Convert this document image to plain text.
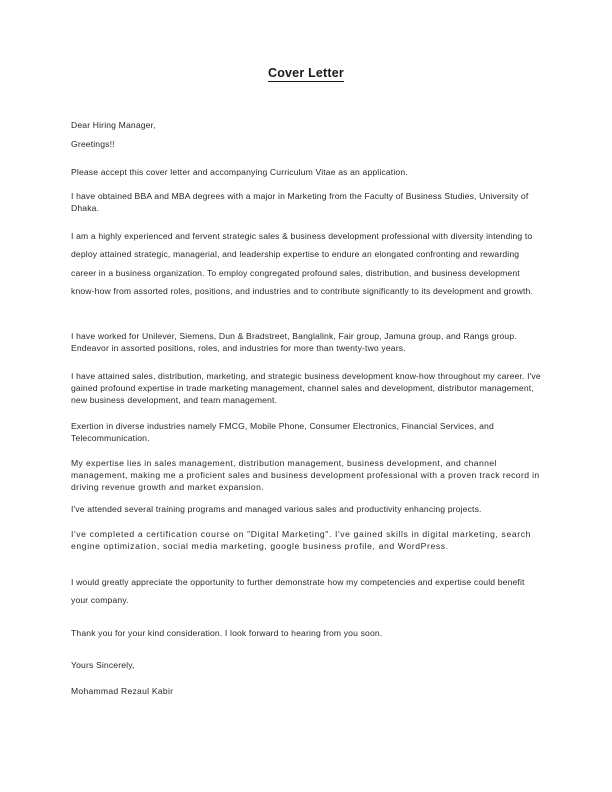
Cover Letter

Dear Hiring Manager,

Greetings!!

Please accept this cover letter and accompanying Curriculum Vitae as an application.

I have obtained BBA and MBA degrees with a major in Marketing from the Faculty of Business Studies, University of Dhaka.

I am a highly experienced and fervent strategic sales & business development professional with diversity intending to deploy attained strategic, managerial, and leadership expertise to endure an elongated confronting and rewarding career in a business organization. To employ congregated profound sales, distribution, and business development know-how from assorted roles, positions, and industries and to contribute significantly to its development and growth.

I have worked for Unilever, Siemens, Dun & Bradstreet, Banglalink, Fair group, Jamuna group, and Rangs group. Endeavor in assorted positions, roles, and industries for more than twenty-two years.

I have attained sales, distribution, marketing, and strategic business development know-how throughout my career. I've gained profound expertise in trade marketing management, channel sales and development, distributor management, new business development, and team management.

Exertion in diverse industries namely FMCG, Mobile Phone, Consumer Electronics, Financial Services, and Telecommunication.

My expertise lies in sales management, distribution management, business development, and channel management, making me a proficient sales and business development professional with a proven track record in driving revenue growth and market expansion.

I've attended several training programs and managed various sales and productivity enhancing projects.

I've completed a certification course on "Digital Marketing". I've gained skills in digital marketing, search engine optimization, social media marketing, google business profile, and WordPress.

I would greatly appreciate the opportunity to further demonstrate how my competencies and expertise could benefit your company.

Thank you for your kind consideration. I look forward to hearing from you soon.

Yours Sincerely,

Mohammad Rezaul Kabir
